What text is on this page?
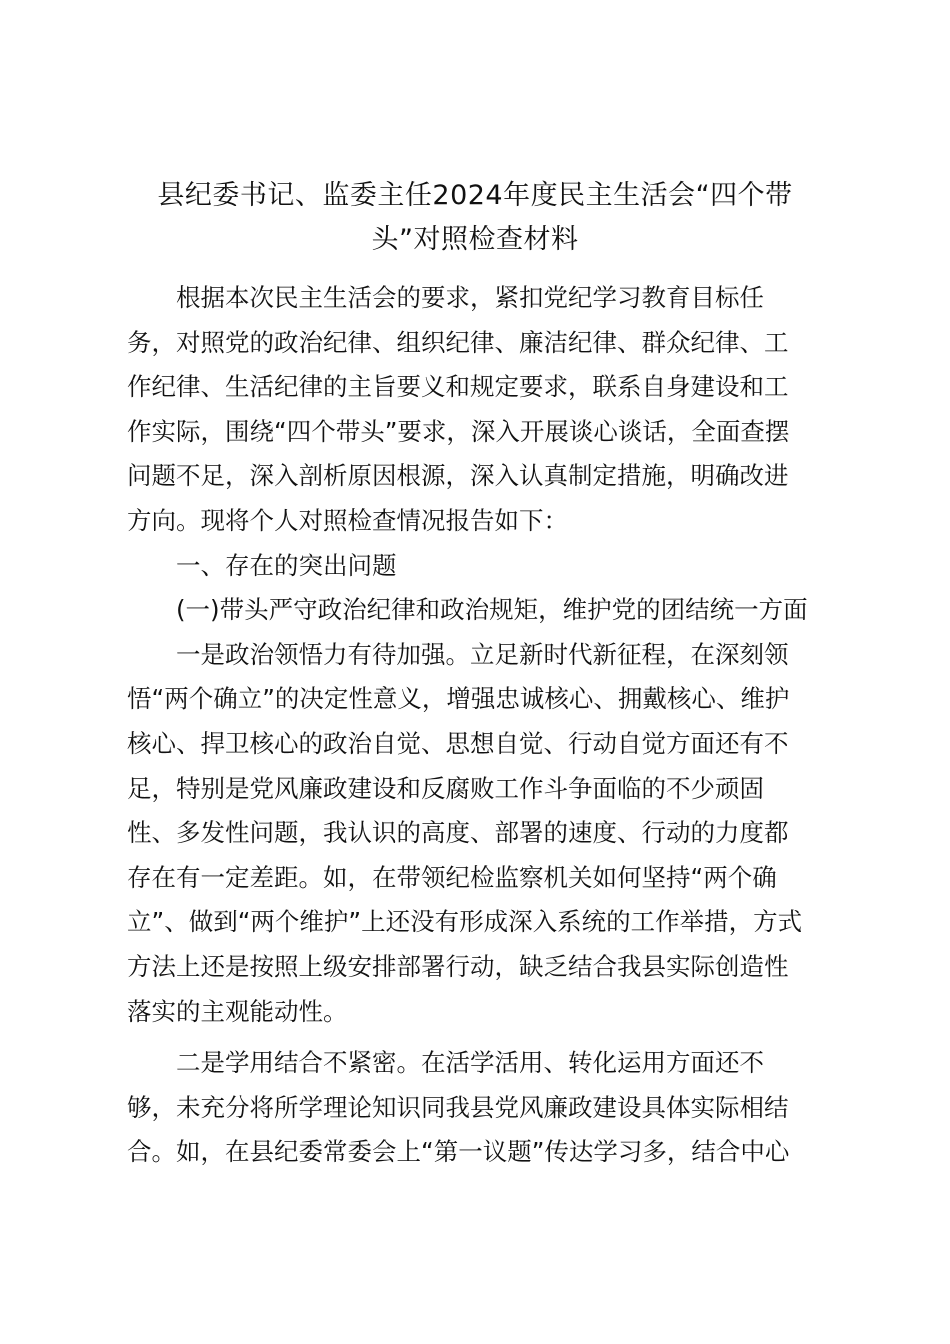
县纪委书记、监委主任2024年度民主生活会“四个带
头”对照检查材料
根据本次民主生活会的要求，紧扣党纪学习教育目标任
务，对照党的政治纪律、组织纪律、廉洁纪律、群众纪律、工
作纪律、生活纪律的主旨要义和规定要求，联系自身建设和工
作实际，围绕“四个带头”要求，深入开展谈心谈话，全面查摆
问题不足，深入剖析原因根源，深入认真制定措施，明确改进
方向。现将个人对照检查情况报告如下：
一、存在的突出问题
(一)带头严守政治纪律和政治规矩，维护党的团结统一方面
一是政治领悟力有待加强。立足新时代新征程，在深刻领
悟“两个确立”的决定性意义，增强忠诚核心、拥戴核心、维护
核心、捍卫核心的政治自觉、思想自觉、行动自觉方面还有不
足，特别是党风廉政建设和反腐败工作斗争面临的不少顽固
性、多发性问题，我认识的高度、部署的速度、行动的力度都
存在有一定差距。如，在带领纪检监察机关如何坚持“两个确
立”、做到“两个维护”上还没有形成深入系统的工作举措，方式
方法上还是按照上级安排部署行动，缺乏结合我县实际创造性
落实的主观能动性。
二是学用结合不紧密。在活学活用、转化运用方面还不
够，未充分将所学理论知识同我县党风廉政建设具体实际相结
合。如，在县纪委常委会上“第一议题”传达学习多，结合中心
